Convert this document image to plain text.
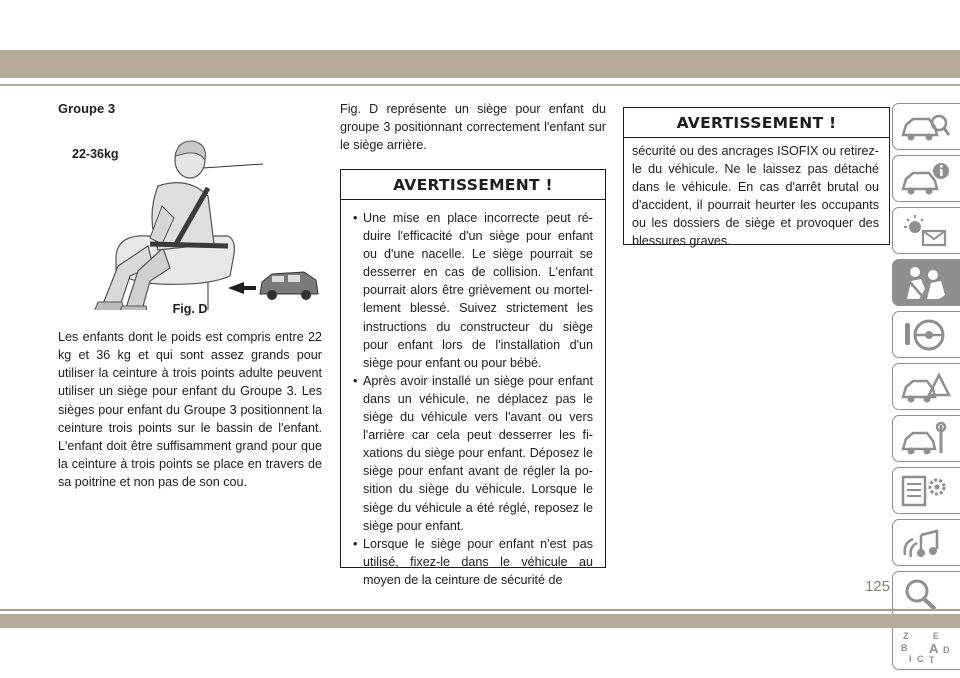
Groupe 3
22-36kg
Fig. D

Les enfants dont le poids est compris entre 22 kg et 36 kg et qui sont assez grands pour utiliser la ceinture à trois points adulte peuvent utiliser un siège pour enfant du Groupe 3. Les sièges pour enfant du Groupe 3 positionnent la ceinture trois points sur le bassin de l'enfant. L'enfant doit être suffisamment grand pour que la ceinture à trois points se place en travers de sa poitrine et non pas de son cou.

Fig. D représente un siège pour enfant du groupe 3 positionnant correctement l'enfant sur le siège arrière.

AVERTISSEMENT !
• Une mise en place incorrecte peut ré-duire l'efficacité d'un siège pour enfant ou d'une nacelle. Le siège pourrait se desserrer en cas de collision. L'enfant pourrait alors être grièvement ou mortel-lement blessé. Suivez strictement les instructions du constructeur du siège pour enfant lors de l'installation d'un siège pour enfant ou pour bébé.
• Après avoir installé un siège pour enfant dans un véhicule, ne déplacez pas le siège du véhicule vers l'avant ou vers l'arrière car cela peut desserrer les fi-xations du siège pour enfant. Déposez le siège pour enfant avant de régler la po-sition du siège du véhicule. Lorsque le siège du véhicule a été réglé, reposez le siège pour enfant.
• Lorsque le siège pour enfant n'est pas utilisé, fixez-le dans le véhicule au moyen de la ceinture de sécurité de
AVERTISSEMENT !
sécurité ou des ancrages ISOFIX ou retirez-le du véhicule. Ne le laissez pas détaché dans le véhicule. En cas d'arrêt brutal ou d'accident, il pourrait heurter les occupants ou les dossiers de siège et provoquer des blessures graves.
Z	E
B A D
I C T
125
